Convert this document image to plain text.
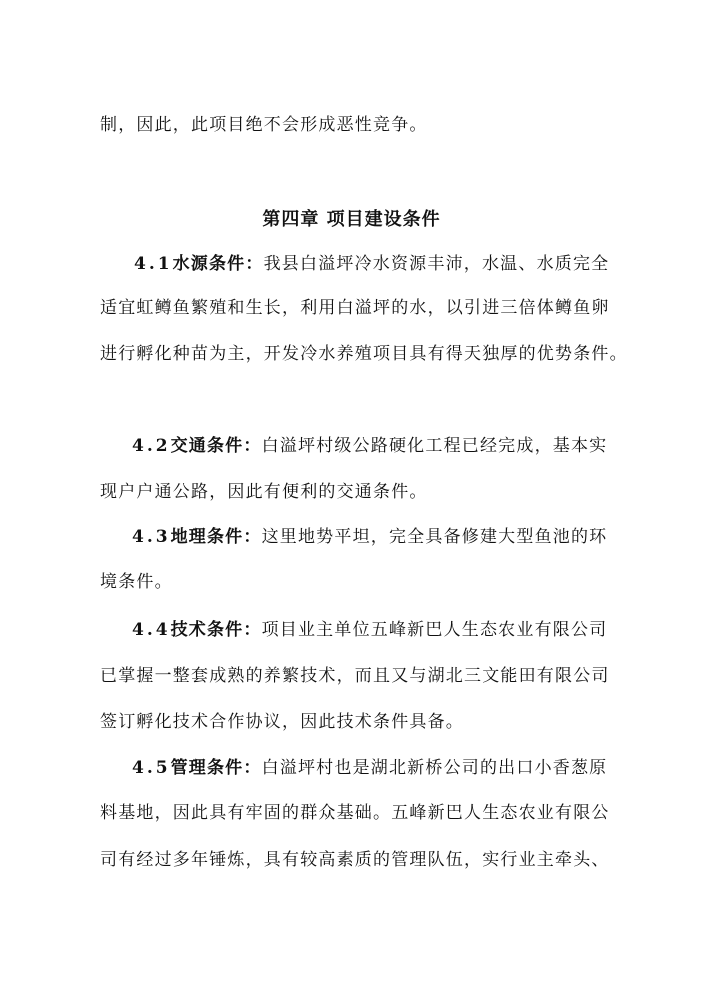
制，因此，此项目绝不会形成恶性竞争。
第四章 项目建设条件
4.1水源条件：我县白溢坪冷水资源丰沛，水温、水质完全
适宜虹鳟鱼繁殖和生长，利用白溢坪的水，以引进三倍体鳟鱼卵
进行孵化种苗为主，开发冷水养殖项目具有得天独厚的优势条件。
4.2交通条件：白溢坪村级公路硬化工程已经完成，基本实
现户户通公路，因此有便利的交通条件。
4.3地理条件：这里地势平坦，完全具备修建大型鱼池的环
境条件。
4.4技术条件：项目业主单位五峰新巴人生态农业有限公司
已掌握一整套成熟的养繁技术，而且又与湖北三文能田有限公司
签订孵化技术合作协议，因此技术条件具备。
4.5管理条件：白溢坪村也是湖北新桥公司的出口小香葱原
料基地，因此具有牢固的群众基础。五峰新巴人生态农业有限公
司有经过多年锤炼，具有较高素质的管理队伍，实行业主牵头、
